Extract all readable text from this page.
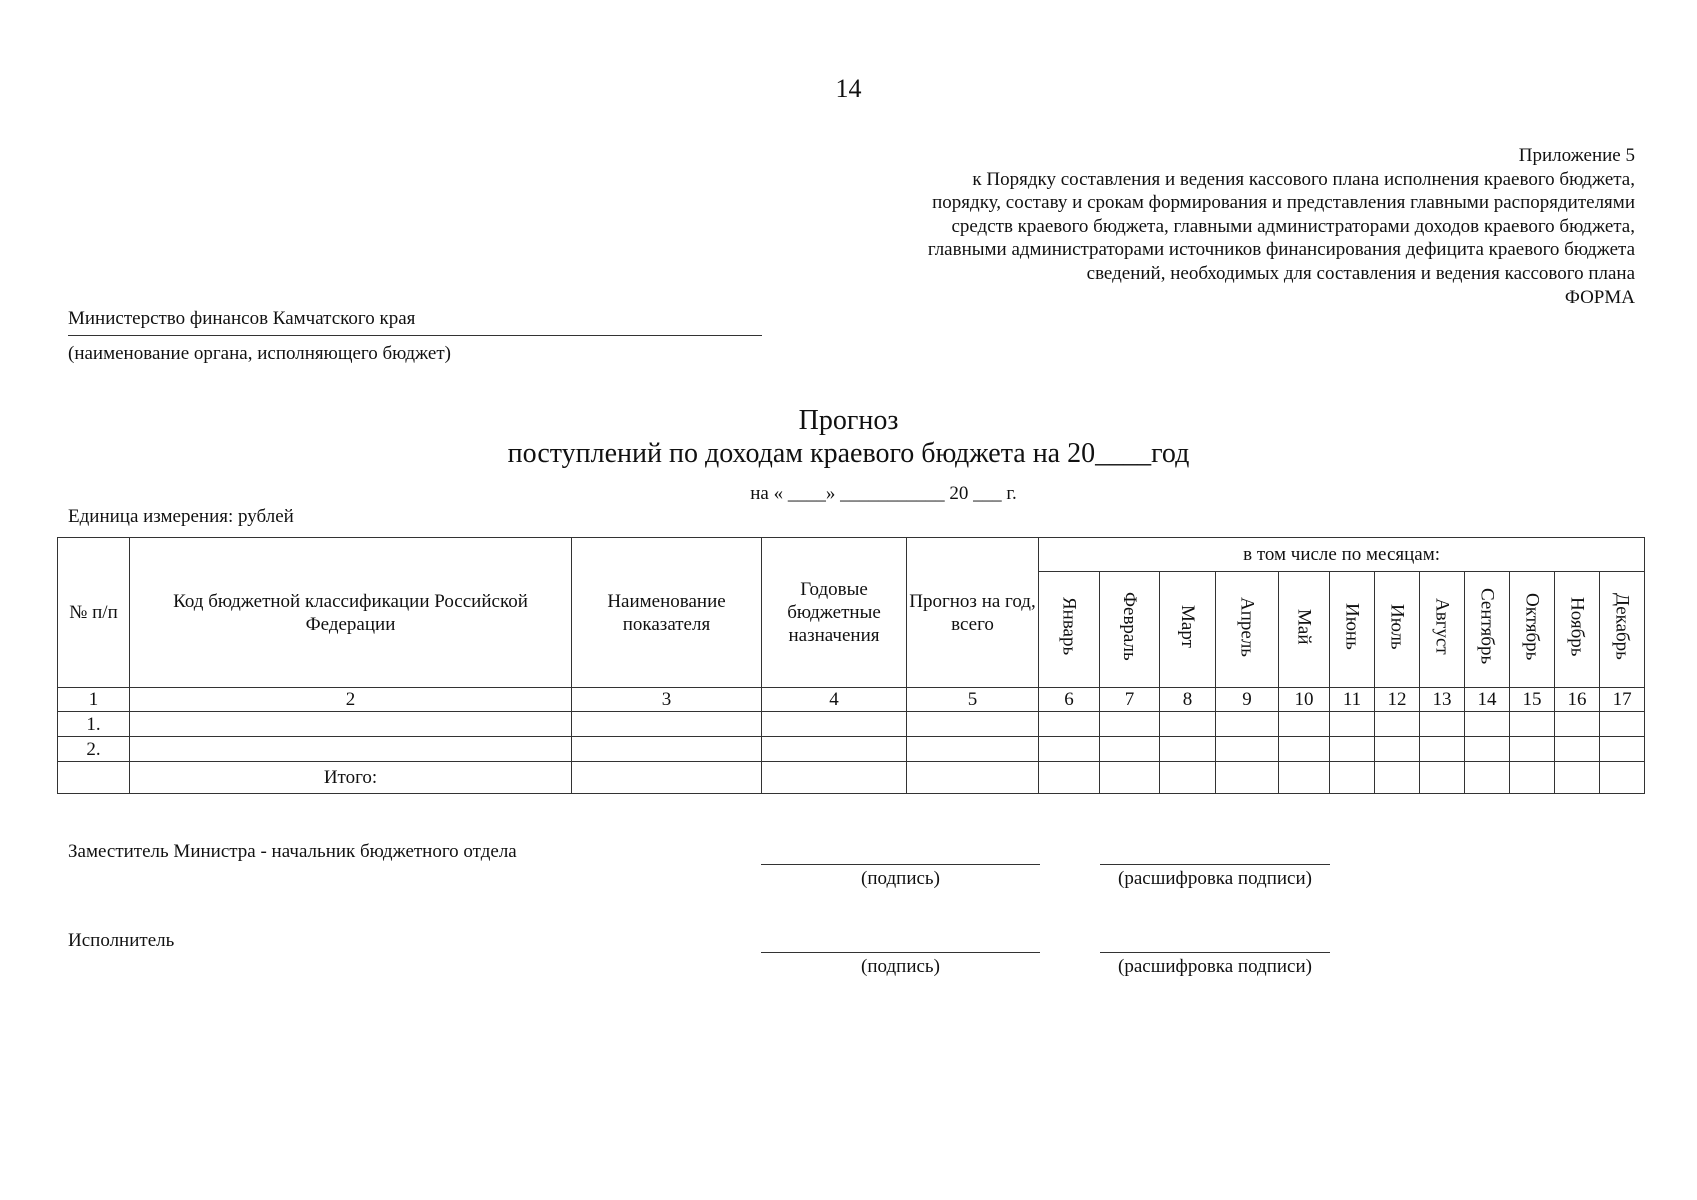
14
Приложение 5
к Порядку составления и ведения кассового плана исполнения краевого бюджета,
порядку, составу и срокам формирования и представления главными распорядителями
средств краевого бюджета, главными администраторами доходов краевого бюджета,
главными администраторами источников финансирования дефицита краевого бюджета
сведений, необходимых для составления и ведения кассового плана
ФОРМА
Министерство финансов Камчатского края
(наименование органа, исполняющего бюджет)
Прогноз
поступлений по доходам краевого бюджета на 20____год
на « ____» ___________ 20 ___ г.
Единица измерения: рублей
№ п/п	Код бюджетной классификации Российской Федерации	Наименование показателя	Годовые бюджетные назначения	Прогноз на год, всего	в том числе по месяцам:											
					Январь	Февраль	Март	Апрель	Май	Июнь	Июль	Август	Сентябрь	Октябрь	Ноябрь	Декабрь
1	2	3	4	5	6	7	8	9	10	11	12	13	14	15	16	17
1.																
2.																
	Итого:															
Заместитель Министра - начальник бюджетного отдела
(подпись)	(расшифровка подписи)
Исполнитель
(подпись)	(расшифровка подписи)
